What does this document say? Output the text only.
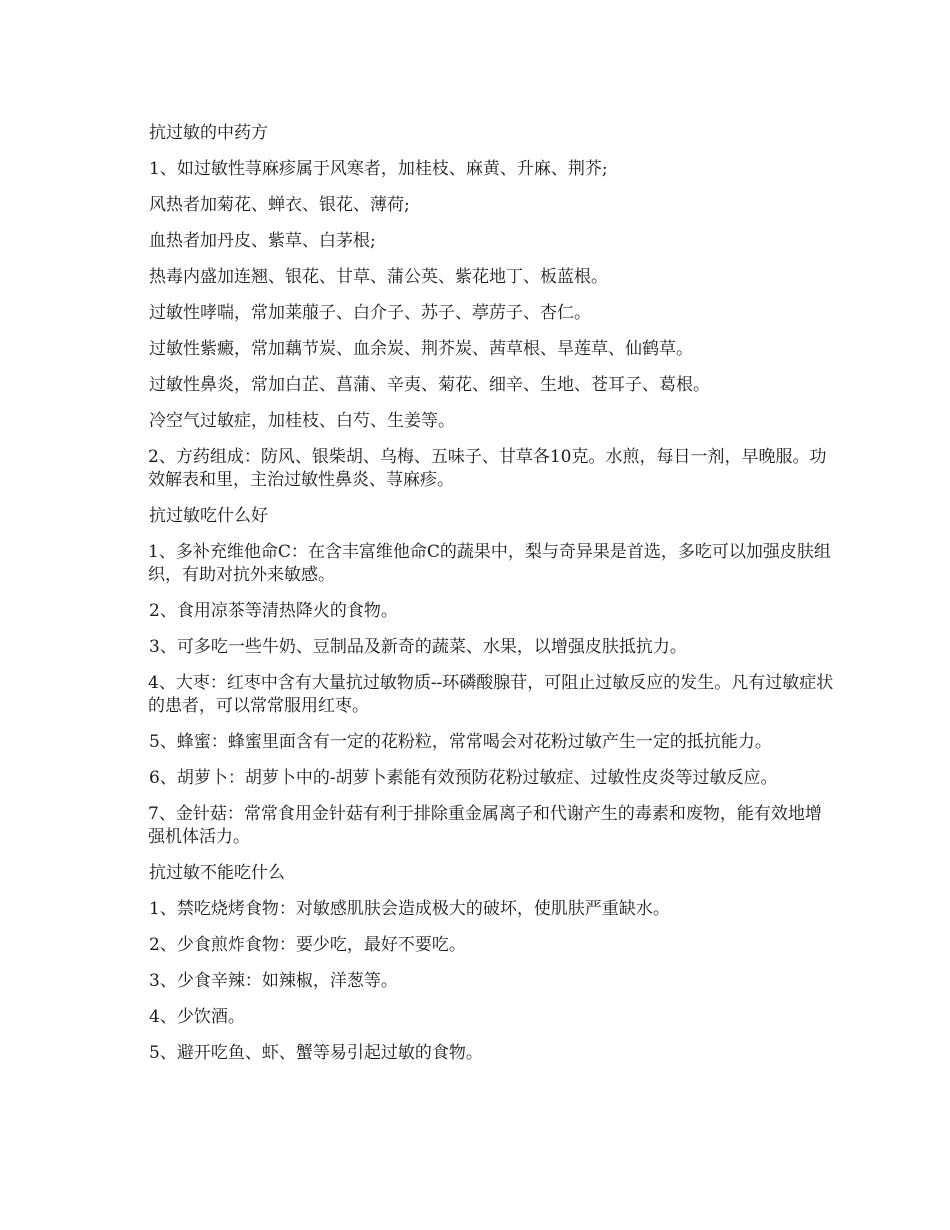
抗过敏的中药方

1、如过敏性荨麻疹属于风寒者，加桂枝、麻黄、升麻、荆芥;

风热者加菊花、蝉衣、银花、薄荷;

血热者加丹皮、紫草、白茅根;

热毒内盛加连翘、银花、甘草、蒲公英、紫花地丁、板蓝根。

过敏性哮喘，常加莱菔子、白介子、苏子、葶苈子、杏仁。

过敏性紫癜，常加藕节炭、血余炭、荆芥炭、茜草根、旱莲草、仙鹤草。

过敏性鼻炎，常加白芷、菖蒲、辛夷、菊花、细辛、生地、苍耳子、葛根。

冷空气过敏症，加桂枝、白芍、生姜等。

2、方药组成：防风、银柴胡、乌梅、五味子、甘草各10克。水煎，每日一剂，早晚服。功效解表和里，主治过敏性鼻炎、荨麻疹。

抗过敏吃什么好

1、多补充维他命C：在含丰富维他命C的蔬果中，梨与奇异果是首选，多吃可以加强皮肤组织，有助对抗外来敏感。

2、食用凉茶等清热降火的食物。

3、可多吃一些牛奶、豆制品及新奇的蔬菜、水果，以增强皮肤抵抗力。

4、大枣：红枣中含有大量抗过敏物质--环磷酸腺苷，可阻止过敏反应的发生。凡有过敏症状的患者，可以常常服用红枣。

5、蜂蜜：蜂蜜里面含有一定的花粉粒，常常喝会对花粉过敏产生一定的抵抗能力。

6、胡萝卜：胡萝卜中的-胡萝卜素能有效预防花粉过敏症、过敏性皮炎等过敏反应。

7、金针菇：常常食用金针菇有利于排除重金属离子和代谢产生的毒素和废物，能有效地增强机体活力。

抗过敏不能吃什么

1、禁吃烧烤食物：对敏感肌肤会造成极大的破坏，使肌肤严重缺水。

2、少食煎炸食物：要少吃，最好不要吃。

3、少食辛辣：如辣椒，洋葱等。

4、少饮酒。

5、避开吃鱼、虾、蟹等易引起过敏的食物。
